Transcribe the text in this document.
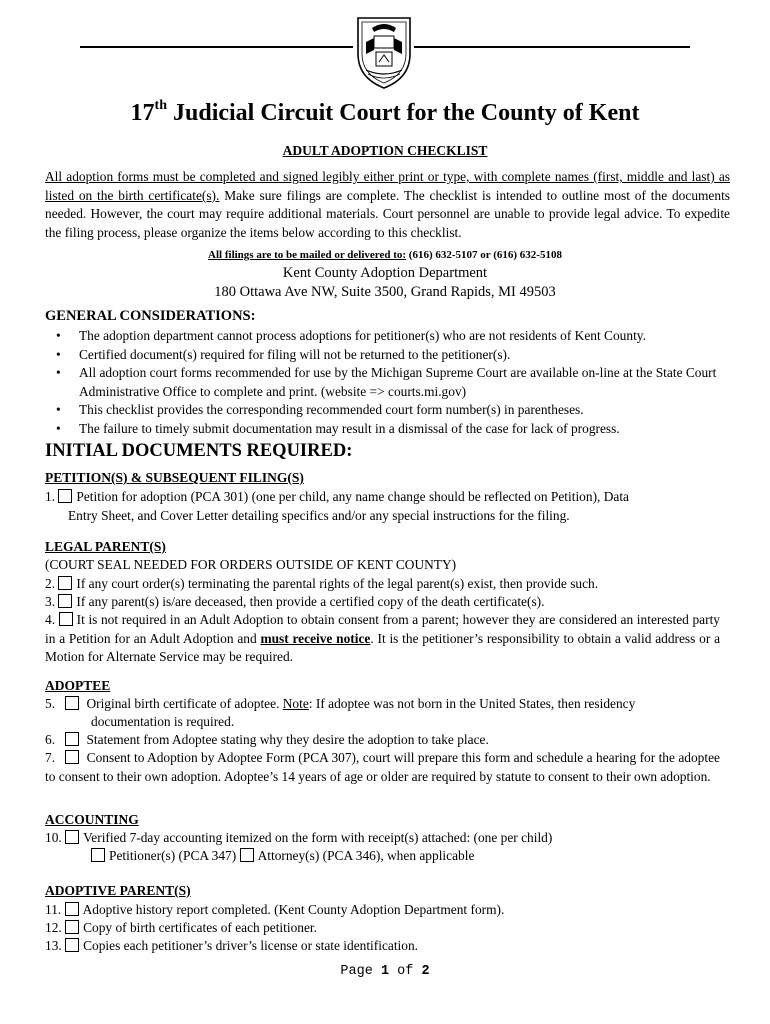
17th Judicial Circuit Court for the County of Kent
ADULT ADOPTION CHECKLIST
All adoption forms must be completed and signed legibly either print or type, with complete names (first, middle and last) as listed on the birth certificate(s). Make sure filings are complete. The checklist is intended to outline most of the documents needed. However, the court may require additional materials. Court personnel are unable to provide legal advice. To expedite the filing process, please organize the items below according to this checklist.
All filings are to be mailed or delivered to: (616) 632-5107 or (616) 632-5108
Kent County Adoption Department
180 Ottawa Ave NW, Suite 3500, Grand Rapids, MI 49503
GENERAL CONSIDERATIONS:
• The adoption department cannot process adoptions for petitioner(s) who are not residents of Kent County.
• Certified document(s) required for filing will not be returned to the petitioner(s).
• All adoption court forms recommended for use by the Michigan Supreme Court are available on-line at the State Court Administrative Office to complete and print. (website => courts.mi.gov)
• This checklist provides the corresponding recommended court form number(s) in parentheses.
• The failure to timely submit documentation may result in a dismissal of the case for lack of progress.
INITIAL DOCUMENTS REQUIRED:
PETITION(S) & SUBSEQUENT FILING(S)
1. Petition for adoption (PCA 301) (one per child, any name change should be reflected on Petition), Data
Entry Sheet, and Cover Letter detailing specifics and/or any special instructions for the filing.
LEGAL PARENT(S)
(COURT SEAL NEEDED FOR ORDERS OUTSIDE OF KENT COUNTY)
2. If any court order(s) terminating the parental rights of the legal parent(s) exist, then provide such.
3. If any parent(s) is/are deceased, then provide a certified copy of the death certificate(s).
4. It is not required in an Adult Adoption to obtain consent from a parent; however they are considered an interested party in a Petition for an Adult Adoption and must receive notice. It is the petitioner’s responsibility to obtain a valid address or a Motion for Alternate Service may be required.
ADOPTEE
5. Original birth certificate of adoptee. Note: If adoptee was not born in the United States, then residency
documentation is required.
6. Statement from Adoptee stating why they desire the adoption to take place.
7. Consent to Adoption by Adoptee Form (PCA 307), court will prepare this form and schedule a hearing for the adoptee to consent to their own adoption. Adoptee’s 14 years of age or older are required by statute to consent to their own adoption.
ACCOUNTING
10. Verified 7-day accounting itemized on the form with receipt(s) attached: (one per child)
Petitioner(s) (PCA 347) Attorney(s) (PCA 346), when applicable
ADOPTIVE PARENT(S)
11. Adoptive history report completed. (Kent County Adoption Department form).
12. Copy of birth certificates of each petitioner.
13. Copies each petitioner’s driver’s license or state identification.
Page 1 of 2
